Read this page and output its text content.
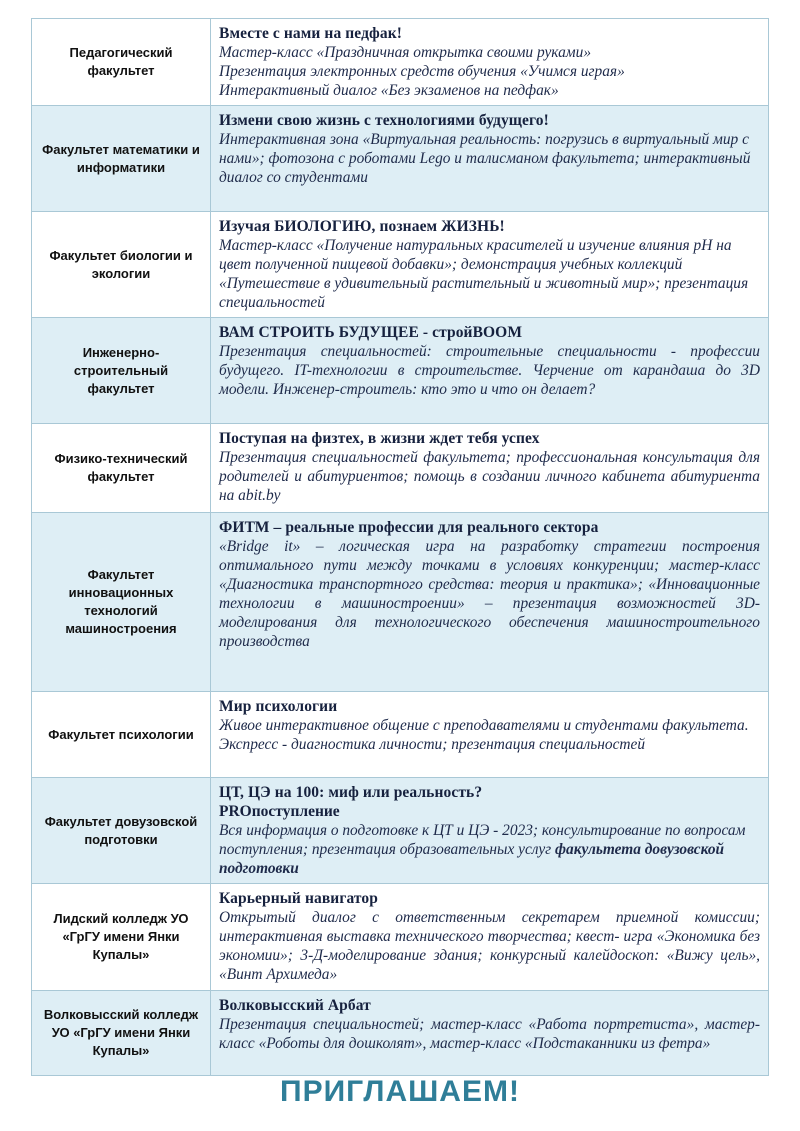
Педагогический факультет	Вместе с нами на педфак!
Мастер-класс «Праздничная открытка своими руками»
Презентация электронных средств обучения «Учимся играя»
Интерактивный диалог «Без экзаменов на педфак»

Факультет математики и информатики	Измени свою жизнь с технологиями будущего!
Интерактивная зона «Виртуальная реальность: погрузись в виртуальный мир с нами»; фотозона с роботами Lego и талисманом факультета; интерактивный диалог со студентами

Факультет биологии и экологии	Изучая БИОЛОГИЮ, познаем ЖИЗНЬ!
Мастер-класс «Получение натуральных красителей и изучение влияния pH на цвет полученной пищевой добавки»; демонстрация учебных коллекций «Путешествие в удивительный растительный и животный мир»; презентация специальностей

Инженерно-строительный факультет	ВАМ СТРОИТЬ БУДУЩЕЕ - стройBOOM
Презентация специальностей: строительные специальности - профессии будущего. IT-технологии в строительстве. Черчение от карандаша до 3D модели. Инженер-строитель: кто это и что он делает?

Физико-технический факультет	Поступая на физтех, в жизни ждет тебя успех
Презентация специальностей факультета; профессиональная консультация для родителей и абитуриентов; помощь в создании личного кабинета абитуриента на abit.by

Факультет инновационных технологий машиностроения	ФИТМ – реальные профессии для реального сектора
«Bridge it» – логическая игра на разработку стратегии построения оптимального пути между точками в условиях конкуренции; мастер-класс «Диагностика транспортного средства: теория и практика»; «Инновационные технологии в машиностроении» – презентация возможностей 3D-моделирования для технологического обеспечения машиностроительного производства

Факультет психологии	Мир психологии
Живое интерактивное общение с преподавателями и студентами факультета. Экспресс - диагностика личности; презентация специальностей

Факультет довузовской подготовки	ЦТ, ЦЭ на 100: миф или реальность?
PROпоступление
Вся информация о подготовке к ЦТ и ЦЭ - 2023; консультирование по вопросам поступления; презентация образовательных услуг факультета довузовской подготовки

Лидский колледж УО «ГрГУ имени Янки Купалы»	Карьерный навигатор
Открытый диалог с ответственным секретарем приемной комиссии; интерактивная выставка технического творчества; квест- игра «Экономика без экономии»; 3-Д-моделирование здания; конкурсный калейдоскоп: «Вижу цель», «Винт Архимеда»

Волковысский колледж УО «ГрГУ имени Янки Купалы»	Волковысский Арбат
Презентация специальностей; мастер-класс «Работа портретиста», мастер-класс «Роботы для дошколят», мастер-класс «Подстаканники из фетра»
ПРИГЛАШАЕМ!
